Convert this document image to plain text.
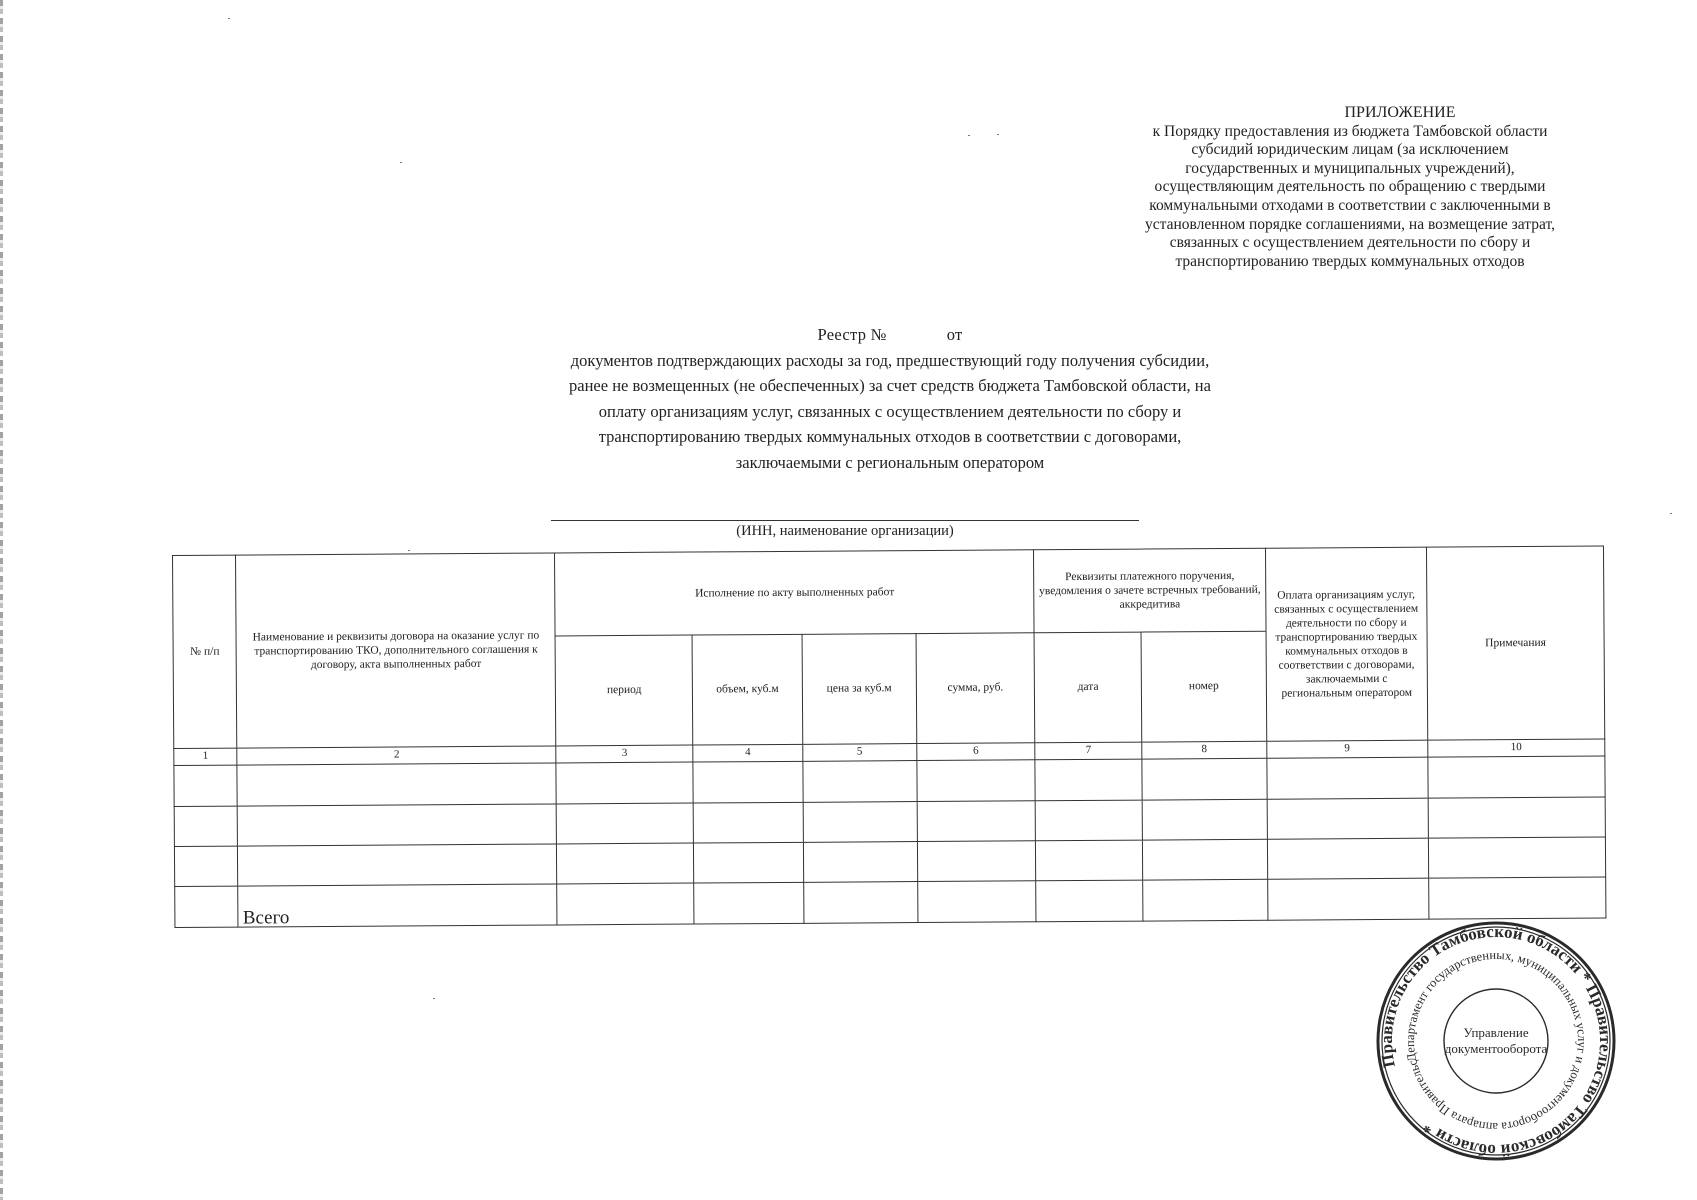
ПРИЛОЖЕНИЕ
к Порядку предоставления из бюджета Тамбовской области
субсидий юридическим лицам (за исключением
государственных и муниципальных учреждений),
осуществляющим деятельность по обращению с твердыми
коммунальными отходами в соответствии с заключенными в
установленном порядке соглашениями, на возмещение затрат,
связанных с осуществлением деятельности по сбору и
транспортированию твердых коммунальных отходов
Реестр №	от
документов подтверждающих расходы за год, предшествующий году получения субсидии,
ранее не возмещенных (не обеспеченных) за счет средств бюджета Тамбовской области, на
оплату организациям услуг, связанных с осуществлением деятельности по сбору и
транспортированию твердых коммунальных отходов в соответствии с договорами,
заключаемыми с региональным оператором
(ИНН, наименование организации)
№ п/п	Наименование и реквизиты договора на оказание услуг по транспортированию ТКО, дополнительного соглашения к договору, акта выполненных работ	Исполнение по акту выполненных работ				Реквизиты платежного поручения, уведомления о зачете встречных требований, аккредитива		Оплата организациям услуг, связанных с осуществлением деятельности по сбору и транспортированию твердых коммунальных отходов в соответствии с договорами, заключаемыми с региональным оператором	Примечания
		период	объем, куб.м	цена за куб.м	сумма, руб.	дата	номер		
1	2	3	4	5	6	7	8	9	10

	Всего								
Правительство Тамбовской области * Правительство Тамбовской области *
Департамент государственных, муниципальных услуг и документооборота аппарата Правительства
Управление
документооборота
